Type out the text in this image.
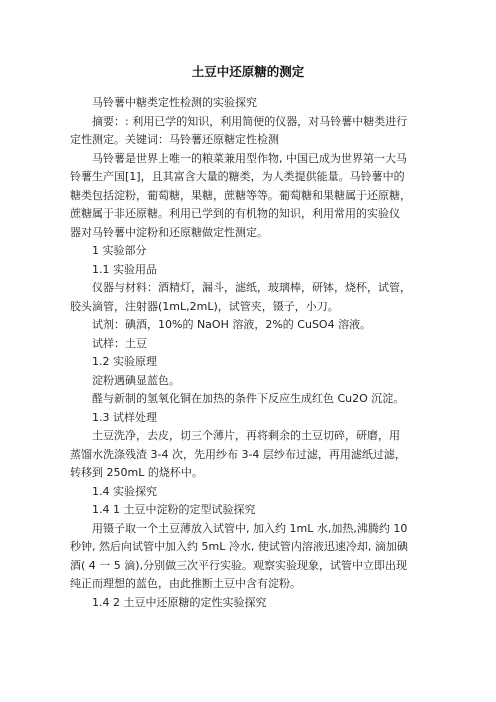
土豆中还原糖的测定
马铃薯中糖类定性检测的实验探究
摘要：: 利用已学的知识，利用简便的仪器，对马铃薯中糖类进行
定性测定。关键词：马铃薯还原糖定性检测
马铃薯是世界上唯一的粮菜兼用型作物, 中国已成为世界第一大马
铃薯生产国[1]，且其富含大量的糖类，为人类提供能量。马铃薯中的
糖类包括淀粉，葡萄糖，果糖，蔗糖等等。葡萄糖和果糖属于还原糖，
蔗糖属于非还原糖。利用已学到的有机物的知识，利用常用的实验仪
器对马铃薯中淀粉和还原糖做定性测定。
1 实验部分
1.1 实验用品
仪器与材料：酒精灯，漏斗，滤纸，玻璃棒，研钵，烧杯，试管，
胶头滴管，注射器(1mL,2mL)，试管夹，镊子，小刀。
试剂：碘酒，10%的 NaOH 溶液，2%的 CuSO4 溶液。
试样：土豆
1.2 实验原理
淀粉遇碘显蓝色。
醛与新制的氢氧化铜在加热的条件下反应生成红色 Cu2O 沉淀。
1.3 试样处理
土豆洗净，去皮，切三个薄片，再将剩余的土豆切碎，研磨，用
蒸馏水洗涤残渣 3-4 次，先用纱布 3-4 层纱布过滤，再用滤纸过滤，
转移到 250mL 的烧杯中。
1.4 实验探究
1.4 1 土豆中淀粉的定型试验探究
用镊子取一个土豆薄放入试管中, 加入约 1mL 水,加热,沸腾约 10
秒钟, 然后向试管中加入约 5mL 冷水, 使试管内溶液迅速冷却, 滴加碘
酒( 4 一 5 滴),分别做三次平行实验。观察实验现象，试管中立即出现
纯正而理想的蓝色，由此推断土豆中含有淀粉。
1.4 2 土豆中还原糖的定性实验探究
